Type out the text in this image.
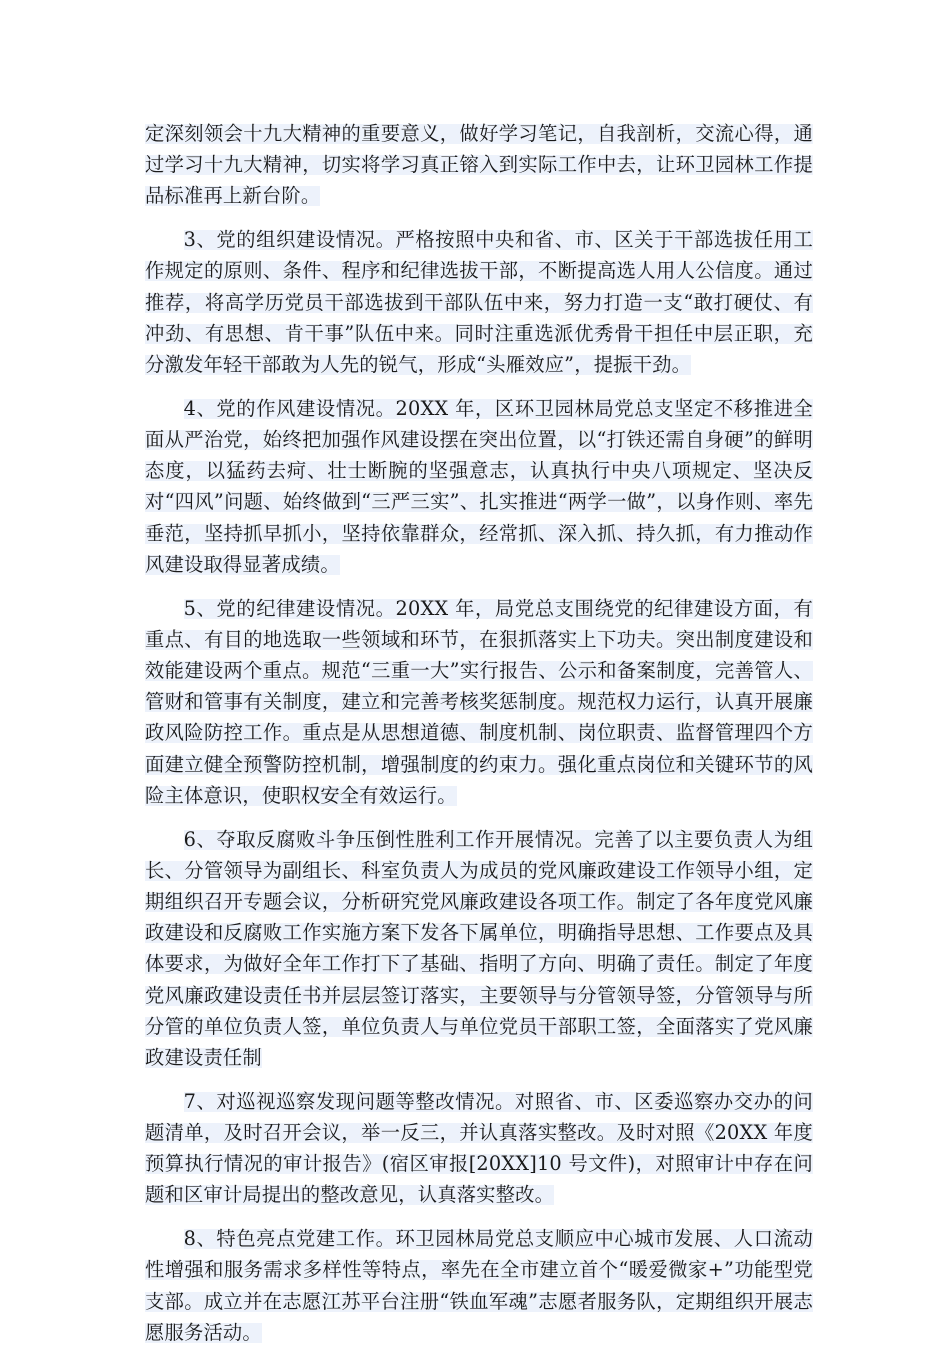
定深刻领会十九大精神的重要意义，做好学习笔记，自我剖析，交流心得，通过学习十九大精神，切实将学习真正镕入到实际工作中去，让环卫园林工作提品标准再上新台阶。

3、党的组织建设情况。严格按照中央和省、市、区关于干部选拔任用工作规定的原则、条件、程序和纪律选拔干部，不断提高选人用人公信度。通过推荐，将高学历党员干部选拔到干部队伍中来，努力打造一支“敢打硬仗、有冲劲、有思想、肯干事”队伍中来。同时注重选派优秀骨干担任中层正职，充分激发年轻干部敢为人先的锐气，形成“头雁效应”，提振干劲。

4、党的作风建设情况。20XX 年，区环卫园林局党总支坚定不移推进全面从严治党，始终把加强作风建设摆在突出位置，以“打铁还需自身硬”的鲜明态度，以猛药去疴、壮士断腕的坚强意志，认真执行中央八项规定、坚决反对“四风”问题、始终做到“三严三实”、扎实推进“两学一做”，以身作则、率先垂范，坚持抓早抓小，坚持依靠群众，经常抓、深入抓、持久抓，有力推动作风建设取得显著成绩。

5、党的纪律建设情况。20XX 年，局党总支围绕党的纪律建设方面，有重点、有目的地选取一些领域和环节，在狠抓落实上下功夫。突出制度建设和效能建设两个重点。规范“三重一大”实行报告、公示和备案制度，完善管人、管财和管事有关制度，建立和完善考核奖惩制度。规范权力运行，认真开展廉政风险防控工作。重点是从思想道德、制度机制、岗位职责、监督管理四个方面建立健全预警防控机制，增强制度的约束力。强化重点岗位和关键环节的风险主体意识，使职权安全有效运行。

6、夺取反腐败斗争压倒性胜利工作开展情况。完善了以主要负责人为组长、分管领导为副组长、科室负责人为成员的党风廉政建设工作领导小组，定期组织召开专题会议，分析研究党风廉政建设各项工作。制定了各年度党风廉政建设和反腐败工作实施方案下发各下属单位，明确指导思想、工作要点及具体要求，为做好全年工作打下了基础、指明了方向、明确了责任。制定了年度党风廉政建设责任书并层层签订落实，主要领导与分管领导签，分管领导与所分管的单位负责人签，单位负责人与单位党员干部职工签，全面落实了党风廉政建设责任制

7、对巡视巡察发现问题等整改情况。对照省、市、区委巡察办交办的问题清单，及时召开会议，举一反三，并认真落实整改。及时对照《20XX 年度预算执行情况的审计报告》(宿区审报[20XX]10 号文件)，对照审计中存在问题和区审计局提出的整改意见，认真落实整改。

8、特色亮点党建工作。环卫园林局党总支顺应中心城市发展、人口流动性增强和服务需求多样性等特点，率先在全市建立首个“暖爱微家+”功能型党支部。成立并在志愿江苏平台注册“铁血军魂”志愿者服务队，定期组织开展志愿服务活动。
